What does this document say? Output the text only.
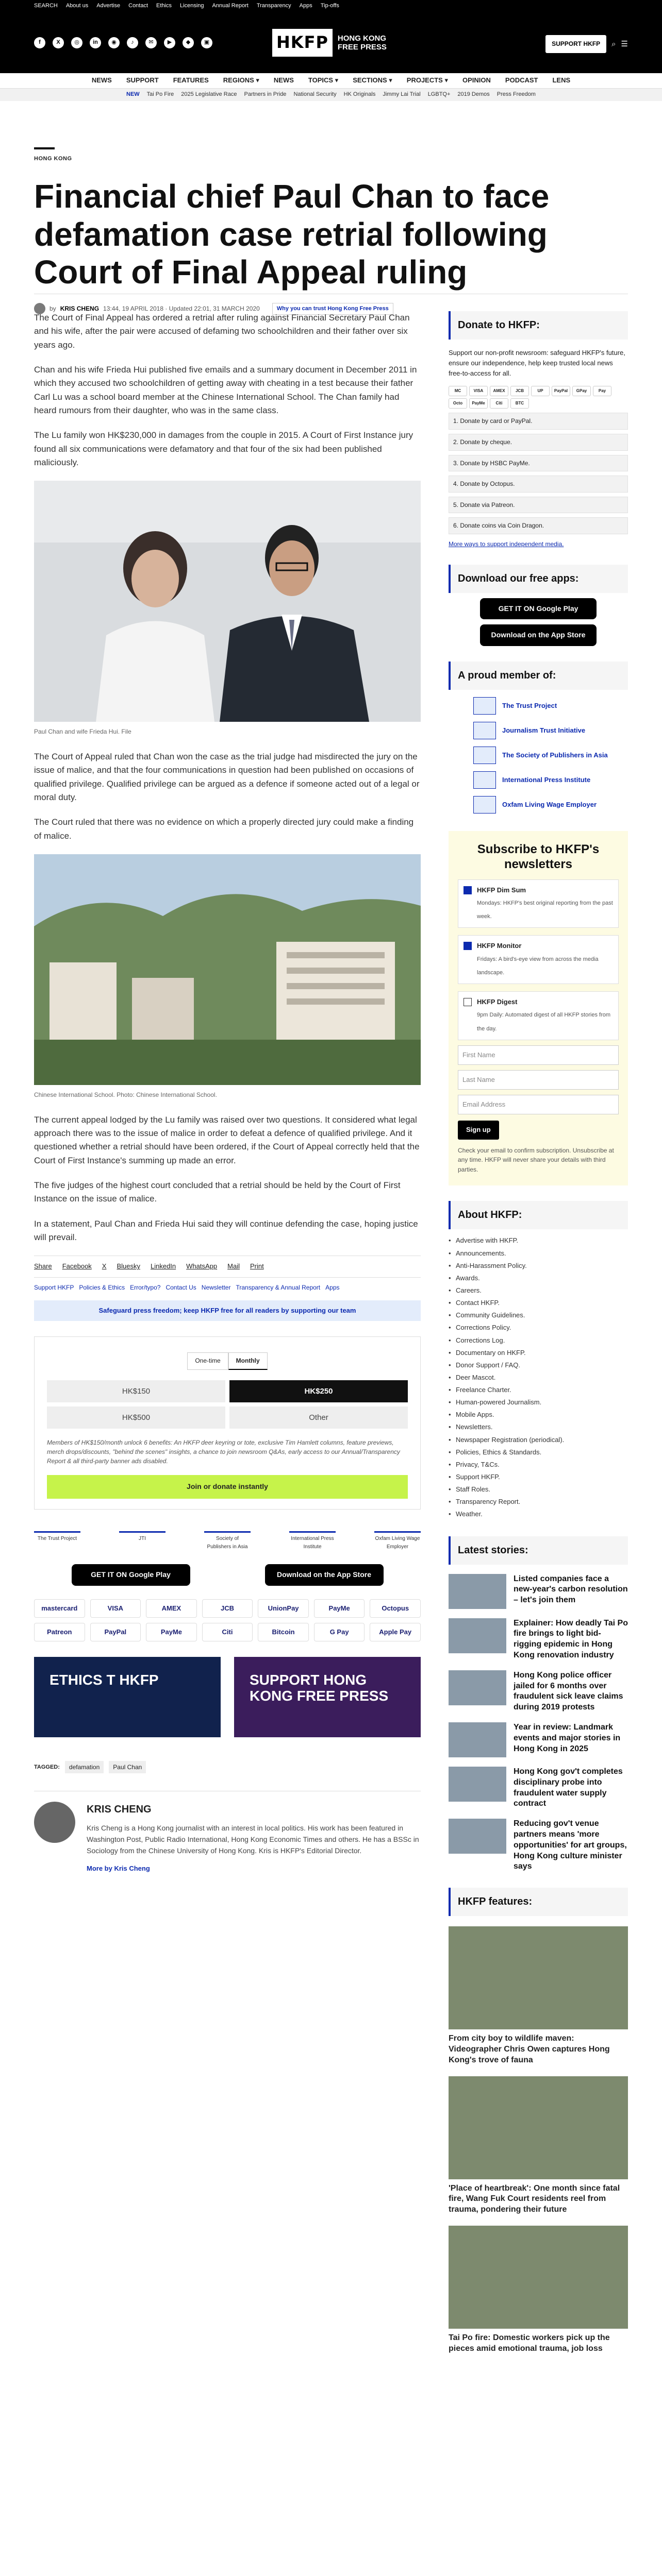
SEARCH About us Advertise Contact Ethics Licensing Annual Report Transparency Apps Tip-offs
f	X	◎	in	◉	♪	✉	▶	◆	▣	HKFP	HONG KONG
FREE PRESS	SUPPORT HKFP	⌕ ☰
NEWS SUPPORT FEATURES REGIONS ▾ NEWS TOPICS ▾ SECTIONS ▾ PROJECTS ▾ OPINION PODCAST LENS
NEW Tai Po Fire 2025 Legislative Race Partners in Pride National Security HK Originals Jimmy Lai Trial LGBTQ+ 2019 Demos Press Freedom
HONG KONG
Financial chief Paul Chan to face defamation case retrial following Court of Final Appeal ruling
by KRIS CHENG 13:44, 19 APRIL 2018 · Updated 22:01, 31 MARCH 2020	Why you can trust Hong Kong Free Press

The Court of Final Appeal has ordered a retrial after ruling against Financial Secretary Paul Chan and his wife, after the pair were accused of defaming two schoolchildren and their father over six years ago.

Chan and his wife Frieda Hui published five emails and a summary document in December 2011 in which they accused two schoolchildren of getting away with cheating in a test because their father Carl Lu was a school board member at the Chinese International School. The Chan family had heard rumours from their daughter, who was in the same class.

The Lu family won HK$230,000 in damages from the couple in 2015. A Court of First Instance jury found all six communications were defamatory and that four of the six had been published maliciously.

Paul Chan and wife Frieda Hui. File

The Court of Appeal ruled that Chan won the case as the trial judge had misdirected the jury on the issue of malice, and that the four communications in question had been published on occasions of qualified privilege. Qualified privilege can be argued as a defence if someone acted out of a legal or moral duty.

The Court ruled that there was no evidence on which a properly directed jury could make a finding of malice.

Chinese International School. Photo: Chinese International School.

The current appeal lodged by the Lu family was raised over two questions. It considered what legal approach there was to the issue of malice in order to defeat a defence of qualified privilege. And it questioned whether a retrial should have been ordered, if the Court of Appeal correctly held that the Court of First Instance's summing up made an error.

The five judges of the highest court concluded that a retrial should be held by the Court of First Instance on the issue of malice.

In a statement, Paul Chan and Frieda Hui said they will continue defending the case, hoping justice will prevail.

Share Facebook X Bluesky LinkedIn WhatsApp Mail Print
Support HKFP Policies & Ethics Error/typo? Contact Us Newsletter Transparency & Annual Report Apps
Safeguard press freedom; keep HKFP free for all readers by supporting our team
One-time	Monthly
HK$150	HK$250
HK$500	Other
Members of HK$150/month unlock 6 benefits: An HKFP deer keyring or tote, exclusive Tim Hamlett columns, feature previews, merch drops/discounts, "behind the scenes" insights, a chance to join newsroom Q&As, early access to our Annual/Transparency Report & all third-party banner ads disabled.
Join or donate instantly
The Trust Project	JTI	Society of Publishers in Asia
International Press Institute
Oxfam Living Wage Employer
GET IT ON Google Play	Download on the App Store
mastercard	VISA	AMEX	JCB	UnionPay	PayMe	Octopus
Patreon	PayPal	PayMe	Citi	Bitcoin	G Pay	Apple Pay
ETHICS T HKFP	SUPPORT HONG KONG FREE PRESS
TAGGED:	defamation	Paul Chan
KRIS CHENG

Kris Cheng is a Hong Kong journalist with an interest in local politics. His work has been featured in Washington Post, Public Radio International, Hong Kong Economic Times and others. He has a BSSc in Sociology from the Chinese University of Hong Kong. Kris is HKFP's Editorial Director.

More by Kris Cheng
Donate to HKFP:

Support our non-profit newsroom: safeguard HKFP's future, ensure our independence, help keep trusted local news free-to-access for all.

MC	VISA	AMEX	JCB	UP	PayPal	GPay	Pay
Octo	PayMe	Citi	BTC
1. Donate by card or PayPal.
2. Donate by cheque.
3. Donate by HSBC PayMe.
4. Donate by Octopus.
5. Donate via Patreon.
6. Donate coins via Coin Dragon.
More ways to support independent media.
Download our free apps:
GET IT ON Google Play
Download on the App Store
A proud member of:
The Trust Project
Journalism Trust Initiative
The Society of Publishers in Asia
International Press Institute
Oxfam Living Wage Employer
Subscribe to HKFP's newsletters
HKFP Dim Sum
Mondays: HKFP's best original reporting from the past week.
HKFP Monitor
Fridays: A bird's-eye view from across the media landscape.
HKFP Digest
9pm Daily: Automated digest of all HKFP stories from the day.
First Name
Last Name
Email Address
Sign up
Check your email to confirm subscription. Unsubscribe at any time. HKFP will never share your details with third parties.
About HKFP:
• Advertise with HKFP.
• Announcements.
• Anti-Harassment Policy.
• Awards.
• Careers.
• Contact HKFP.
• Community Guidelines.
• Corrections Policy.
• Corrections Log.
• Documentary on HKFP.
• Donor Support / FAQ.
• Deer Mascot.
• Freelance Charter.
• Human-powered Journalism.
• Mobile Apps.
• Newsletters.
• Newspaper Registration (periodical).
• Policies, Ethics & Standards.
• Privacy, T&Cs.
• Support HKFP.
• Staff Roles.
• Transparency Report.
• Weather.
Latest stories:
Listed companies face a new-year's carbon resolution – let's join them
Explainer: How deadly Tai Po fire brings to light bid-rigging epidemic in Hong Kong renovation industry
Hong Kong police officer jailed for 6 months over fraudulent sick leave claims during 2019 protests
Year in review: Landmark events and major stories in Hong Kong in 2025
Hong Kong gov't completes disciplinary probe into fraudulent water supply contract
Reducing gov't venue partners means 'more opportunities' for art groups, Hong Kong culture minister says
HKFP features:
From city boy to wildlife maven: Videographer Chris Owen captures Hong Kong's trove of fauna
'Place of heartbreak': One month since fatal fire, Wang Fuk Court residents reel from trauma, pondering their future
Tai Po fire: Domestic workers pick up the pieces amid emotional trauma, job loss
